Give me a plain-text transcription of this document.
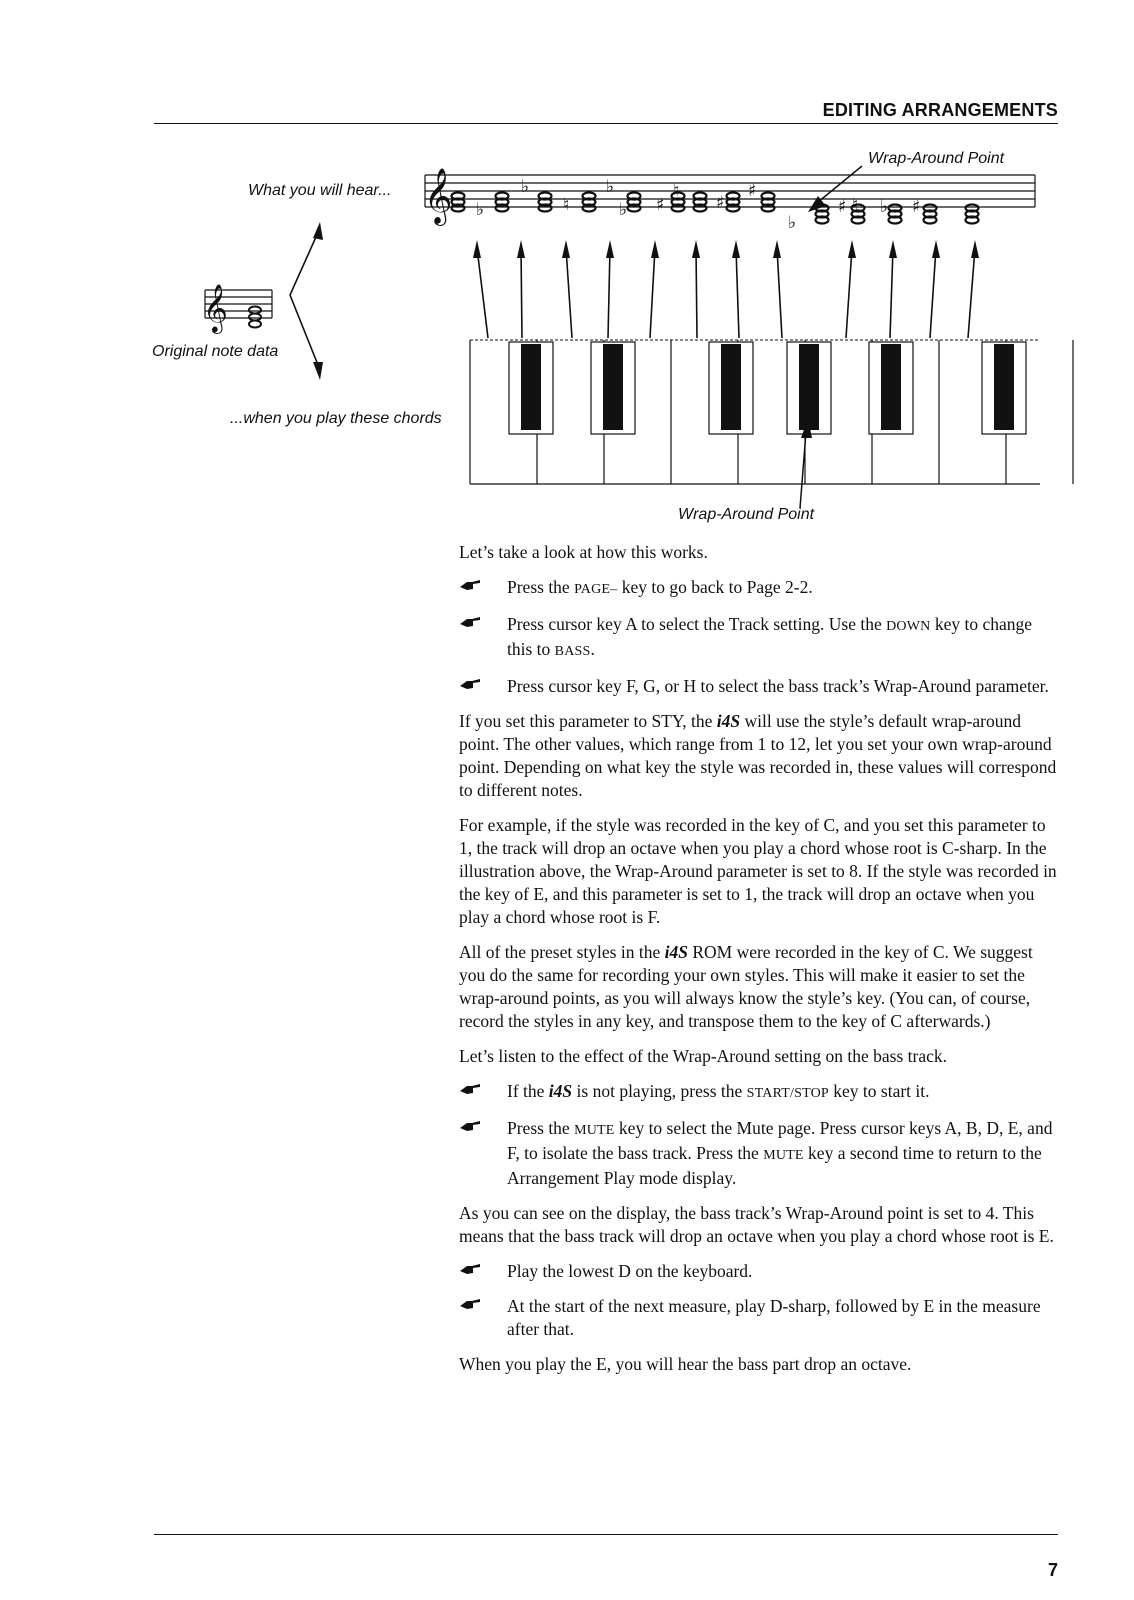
EDITING ARRANGEMENTS
𝄞 ♭
♭
♮
♭
♭ ♯
♮
♯
♯
♭
♯ ♮ ♭ ♯
𝄞
What you will hear...
Original note data
...when you play these chords
Wrap-Around Point
Wrap-Around Point

Let’s take a look at how this works.

Press the PAGE– key to go back to Page 2-2.
Press cursor key A to select the Track setting. Use the DOWN key to change this to BASS.
Press cursor key F, G, or H to select the bass track’s Wrap-Around parameter.

If you set this parameter to STY, the i4S will use the style’s default wrap-around point. The other values, which range from 1 to 12, let you set your own wrap-around point. Depending on what key the style was recorded in, these values will correspond to different notes.

For example, if the style was recorded in the key of C, and you set this parameter to 1, the track will drop an octave when you play a chord whose root is C-sharp. In the illustration above, the Wrap-Around parameter is set to 8. If the style was recorded in the key of E, and this parameter is set to 1, the track will drop an octave when you play a chord whose root is F.

All of the preset styles in the i4S ROM were recorded in the key of C. We suggest you do the same for recording your own styles. This will make it easier to set the wrap-around points, as you will always know the style’s key. (You can, of course, record the styles in any key, and transpose them to the key of C afterwards.)

Let’s listen to the effect of the Wrap-Around setting on the bass track.

If the i4S is not playing, press the START/STOP key to start it.
Press the MUTE key to select the Mute page. Press cursor keys A, B, D, E, and F, to isolate the bass track. Press the MUTE key a second time to return to the Arrangement Play mode display.

As you can see on the display, the bass track’s Wrap-Around point is set to 4. This means that the bass track will drop an octave when you play a chord whose root is E.

Play the lowest D on the keyboard.
At the start of the next measure, play D-sharp, followed by E in the measure after that.

When you play the E, you will hear the bass part drop an octave.

7
